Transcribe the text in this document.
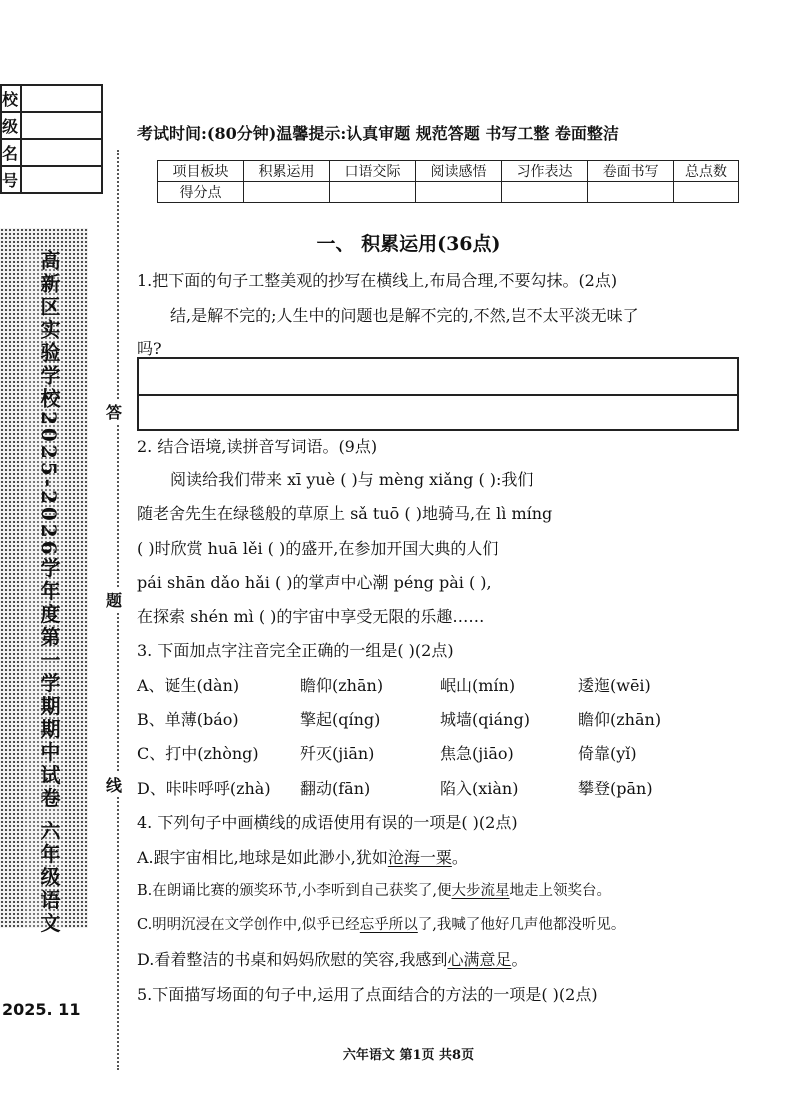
校	
级	
名	
号	
高新区实验学校2025-2026学年度第一学期期中试卷 六年级语文	答
题
线
2025. 11
考试时间:(80分钟)温馨提示:认真审题 规范答题 书写工整 卷面整洁
项目板块	积累运用	口语交际	阅读感悟	习作表达	卷面书写	总点数
得分点						
一、 积累运用(36点)
1.把下面的句子工整美观的抄写在横线上,布局合理,不要勾抹。(2点)
结,是解不完的;人生中的问题也是解不完的,不然,岂不太平淡无味了
吗?
2. 结合语境,读拼音写词语。(9点)
阅读给我们带来 xī yuè ( )与 mèng xiǎng ( ):我们
随老舍先生在绿毯般的草原上 sǎ tuō ( )地骑马,在 lì míng
( )时欣赏 huā lěi ( )的盛开,在参加开国大典的人们
pái shān dǎo hǎi ( )的掌声中心潮 péng pài ( ),
在探索 shén mì ( )的宇宙中享受无限的乐趣……
3. 下面加点字注音完全正确的一组是( )(2点)
A、诞生(dàn)	瞻仰(zhān)	岷山(mín)	逶迤(wēi)
B、单薄(báo)	擎起(qíng)	城墙(qiáng)	瞻仰(zhān)
C、打中(zhòng)	歼灭(jiān)	焦急(jiāo)	倚靠(yǐ)
D、咔咔呼呼(zhà) 翻动(fān)	陷入(xiàn)	攀登(pān)
4. 下列句子中画横线的成语使用有误的一项是( )(2点)
A.跟宇宙相比,地球是如此渺小,犹如沧海一粟。
B.在朗诵比赛的颁奖环节,小李听到自己获奖了,便大步流星地走上领奖台。
C.明明沉浸在文学创作中,似乎已经忘乎所以了,我喊了他好几声他都没听见。
D.看着整洁的书桌和妈妈欣慰的笑容,我感到心满意足。
5.下面描写场面的句子中,运用了点面结合的方法的一项是( )(2点)
六年语文 第1页 共8页
